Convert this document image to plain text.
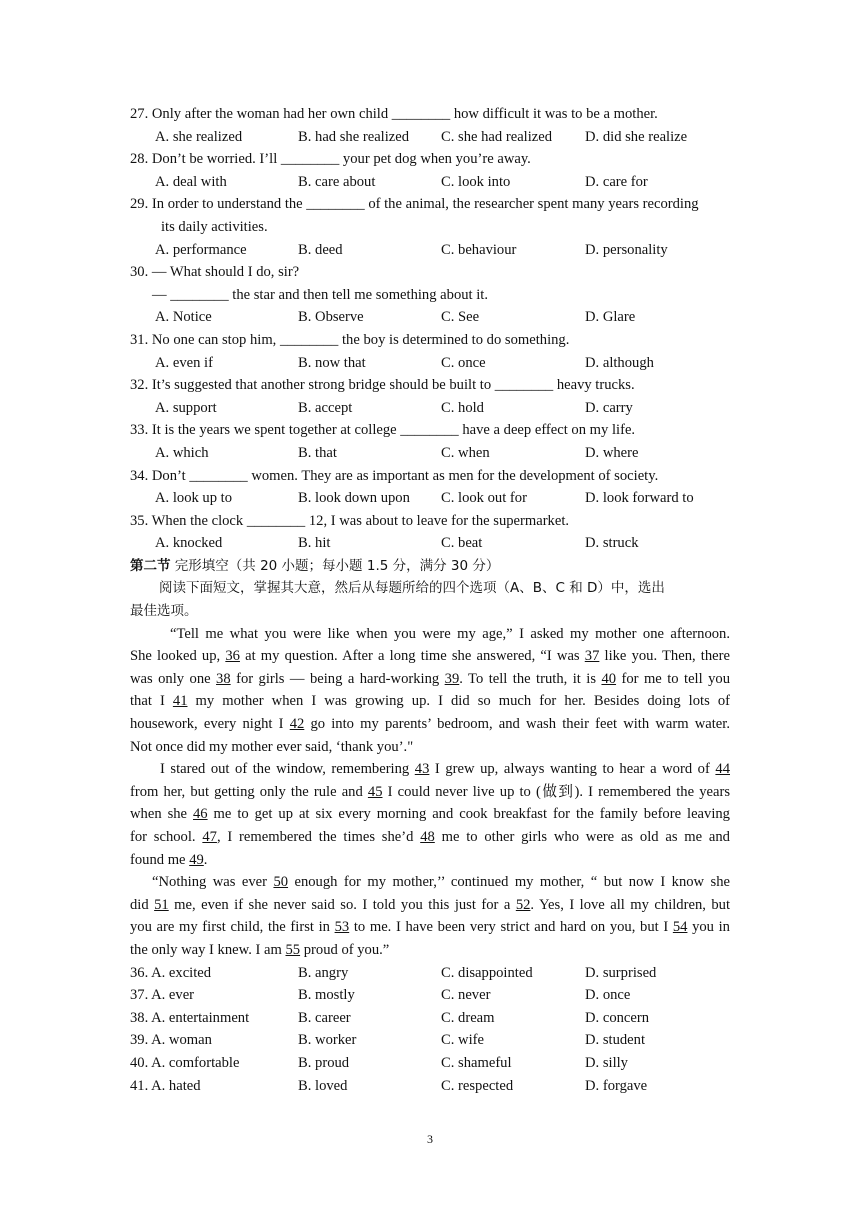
27. Only after the woman had her own child ________ how difficult it was to be a mother.
A. she realized	B. had she realized C. she had realized D. did she realize
28. Don’t be worried. I’ll ________ your pet dog when you’re away.
A. deal with	B. care about	C. look into	D. care for
29. In order to understand the ________ of the animal, the researcher spent many years recording
its daily activities.
A. performance	B. deed	C. behaviour	D. personality
30. — What should I do, sir?
— ________ the star and then tell me something about it.
A. Notice	B. Observe	C. See	D. Glare
31. No one can stop him, ________ the boy is determined to do something.
A. even if	B. now that	C. once	D. although
32. It’s suggested that another strong bridge should be built to ________ heavy trucks.
A. support	B. accept	C. hold	D. carry
33. It is the years we spent together at college ________ have a deep effect on my life.
A. which	B. that	C. when	D. where
34. Don’t ________ women. They are as important as men for the development of society.
A. look up to	B. look down upon C. look out for	D. look forward to
35. When the clock ________ 12, I was about to leave for the supermarket.
A. knocked	B. hit	C. beat	D. struck
第二节 完形填空（共 20 小题；每小题 1.5 分，满分 30 分）
阅读下面短文，掌握其大意，然后从每题所给的四个选项（A、B、C 和 D）中，选出
最佳选项。
“Tell me what you were like when you were my age,” I asked my mother one afternoon.
She looked up, 36 at my question. After a long time she answered, “I was 37 like you. Then, there
was only one 38 for girls — being a hard-working 39. To tell the truth, it is 40 for me to tell you
that I 41 my mother when I was growing up. I did so much for her. Besides doing lots of
housework, every night I 42 go into my parents’ bedroom, and wash their feet with warm water.
Not once did my mother ever said, ‘thank you’."
I stared out of the window, remembering 43 I grew up, always wanting to hear a word of 44
from her, but getting only the rule and 45 I could never live up to (做到). I remembered the years
when she 46 me to get up at six every morning and cook breakfast for the family before leaving
for school. 47, I remembered the times she’d 48 me to other girls who were as old as me and
found me 49.
“Nothing was ever 50 enough for my mother,’’ continued my mother, “ but now I know she
did 51 me, even if she never said so. I told you this just for a 52. Yes, I love all my children, but
you are my first child, the first in 53 to me. I have been very strict and hard on you, but I 54 you in
the only way I knew. I am 55 proud of you.”
36. A. excited	B. angry	C. disappointed	D. surprised
37. A. ever	B. mostly	C. never	D. once
38. A. entertainment	B. career	C. dream	D. concern
39. A. woman	B. worker	C. wife	D. student
40. A. comfortable	B. proud	C. shameful	D. silly
41. A. hated	B. loved	C. respected	D. forgave
3
